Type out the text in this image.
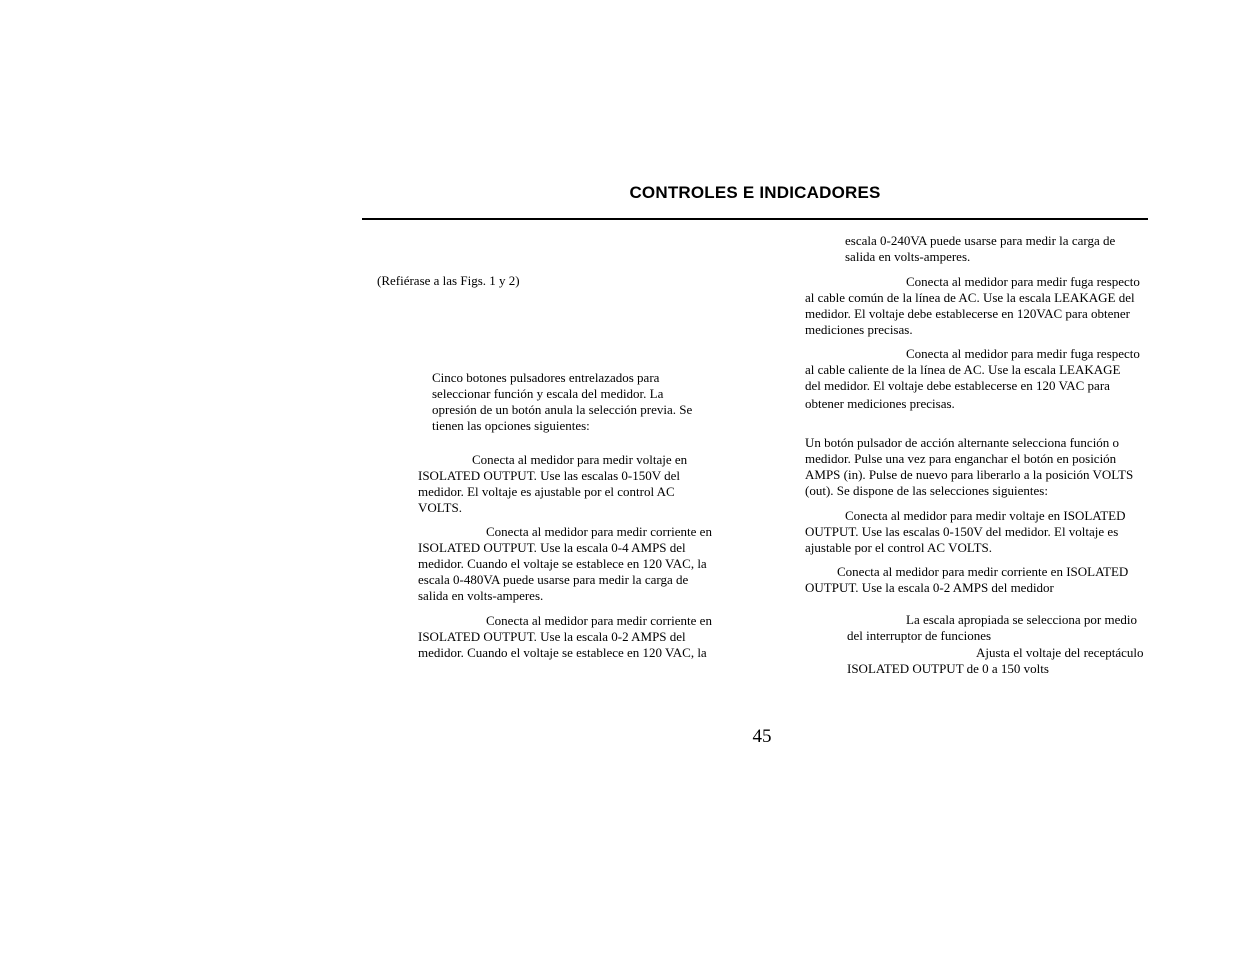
CONTROLES E INDICADORES
(Refiérase a las Figs. 1 y 2)
Cinco botones pulsadores entrelazados para
seleccionar función y escala del medidor. La
opresión de un botón anula la selección previa. Se
tienen las opciones siguientes:
Conecta al medidor para medir voltaje en
ISOLATED OUTPUT. Use las escalas 0-150V del
medidor. El voltaje es ajustable por el control AC
VOLTS.
Conecta al medidor para medir corriente en
ISOLATED OUTPUT. Use la escala 0-4 AMPS del
medidor. Cuando el voltaje se establece en 120 VAC, la
escala 0-480VA puede usarse para medir la carga de
salida en volts-amperes.
Conecta al medidor para medir corriente en
ISOLATED OUTPUT. Use la escala 0-2 AMPS del
medidor. Cuando el voltaje se establece en 120 VAC, la
escala 0-240VA puede usarse para medir la carga de
salida en volts-amperes.
Conecta al medidor para medir fuga respecto
al cable común de la línea de AC. Use la escala LEAKAGE del
medidor. El voltaje debe establecerse en 120VAC para obtener
mediciones precisas.
Conecta al medidor para medir fuga respecto
al cable caliente de la línea de AC. Use la escala LEAKAGE
del medidor. El voltaje debe establecerse en 120 VAC para
obtener mediciones precisas.
Un botón pulsador de acción alternante selecciona función o
medidor. Pulse una vez para enganchar el botón en posición
AMPS (in). Pulse de nuevo para liberarlo a la posición VOLTS
(out). Se dispone de las selecciones siguientes:
Conecta al medidor para medir voltaje en ISOLATED
OUTPUT. Use las escalas 0-150V del medidor. El voltaje es
ajustable por el control AC VOLTS.
Conecta al medidor para medir corriente en ISOLATED
OUTPUT. Use la escala 0-2 AMPS del medidor
La escala apropiada se selecciona por medio
del interruptor de funciones
Ajusta el voltaje del receptáculo
ISOLATED OUTPUT de 0 a 150 volts
45
